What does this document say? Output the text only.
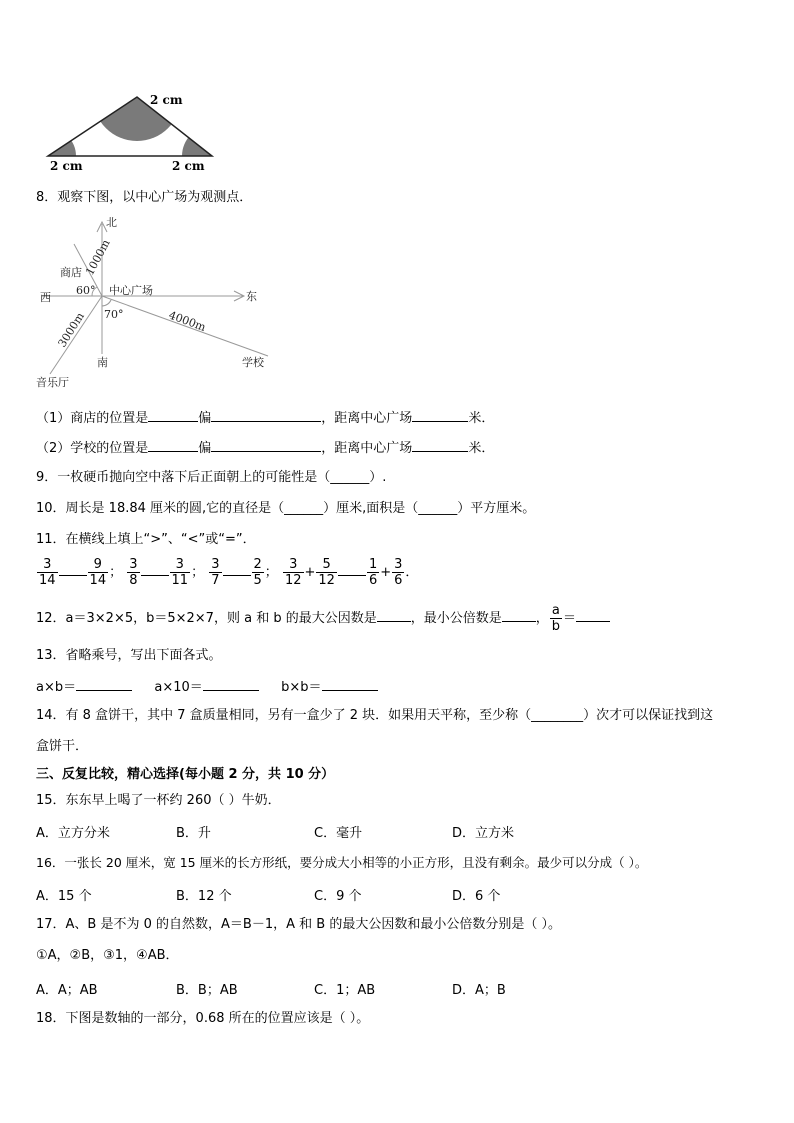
2 cm
2 cm	2 cm
8．观察下图，以中心广场为观测点．
北
南
东
西
中心广场
商店
学校
音乐厅
1000m
4000m
3000m
60°
70°
（1）商店的位置是	偏	，距离中心广场	米．
（2）学校的位置是	偏	，距离中心广场	米．
9．一枚硬币抛向空中落下后正面朝上的可能性是（______）.
10．周长是 18.84 厘米的圆,它的直径是（______）厘米,面积是（______）平方厘米。
11．在横线上填上“>”、“<”或“=”．
$\frac{3}{14} \frac{9}{14}$ ； $\frac{3}{8} \frac{3}{11}$ ； $\frac{3}{7} \frac{2}{5}$ ； $\frac{3}{12} + \frac{5}{12} \frac{1}{6} + \frac{3}{6}$ ．
12．a＝3×2×5，b＝5×2×7，则 a 和 b 的最大公因数是	，最小公倍数是	， $\frac{a}{b}$ ＝
13．省略乘号，写出下面各式。
a×b＝	a×10＝	b×b＝
14．有 8 盒饼干，其中 7 盒质量相同，另有一盒少了 2 块．如果用天平称，至少称（________）次才可以保证找到这
盒饼干．
三、反复比较，精心选择(每小题 2 分，共 10 分）
15．东东早上喝了一杯约 260（ ）牛奶．
A．立方分米	B．升	C．毫升	D．立方米
16．一张长 20 厘米，宽 15 厘米的长方形纸，要分成大小相等的小正方形，且没有剩余。最少可以分成（ ）。
A．15 个	B．12 个	C．9 个	D．6 个
17．A、B 是不为 0 的自然数，A＝B－1，A 和 B 的最大公因数和最小公倍数分别是（ ）。
①A，②B，③1，④AB．
A．A；AB	B．B；AB	C．1；AB	D．A；B
18．下图是数轴的一部分，0.68 所在的位置应该是（ ）。
